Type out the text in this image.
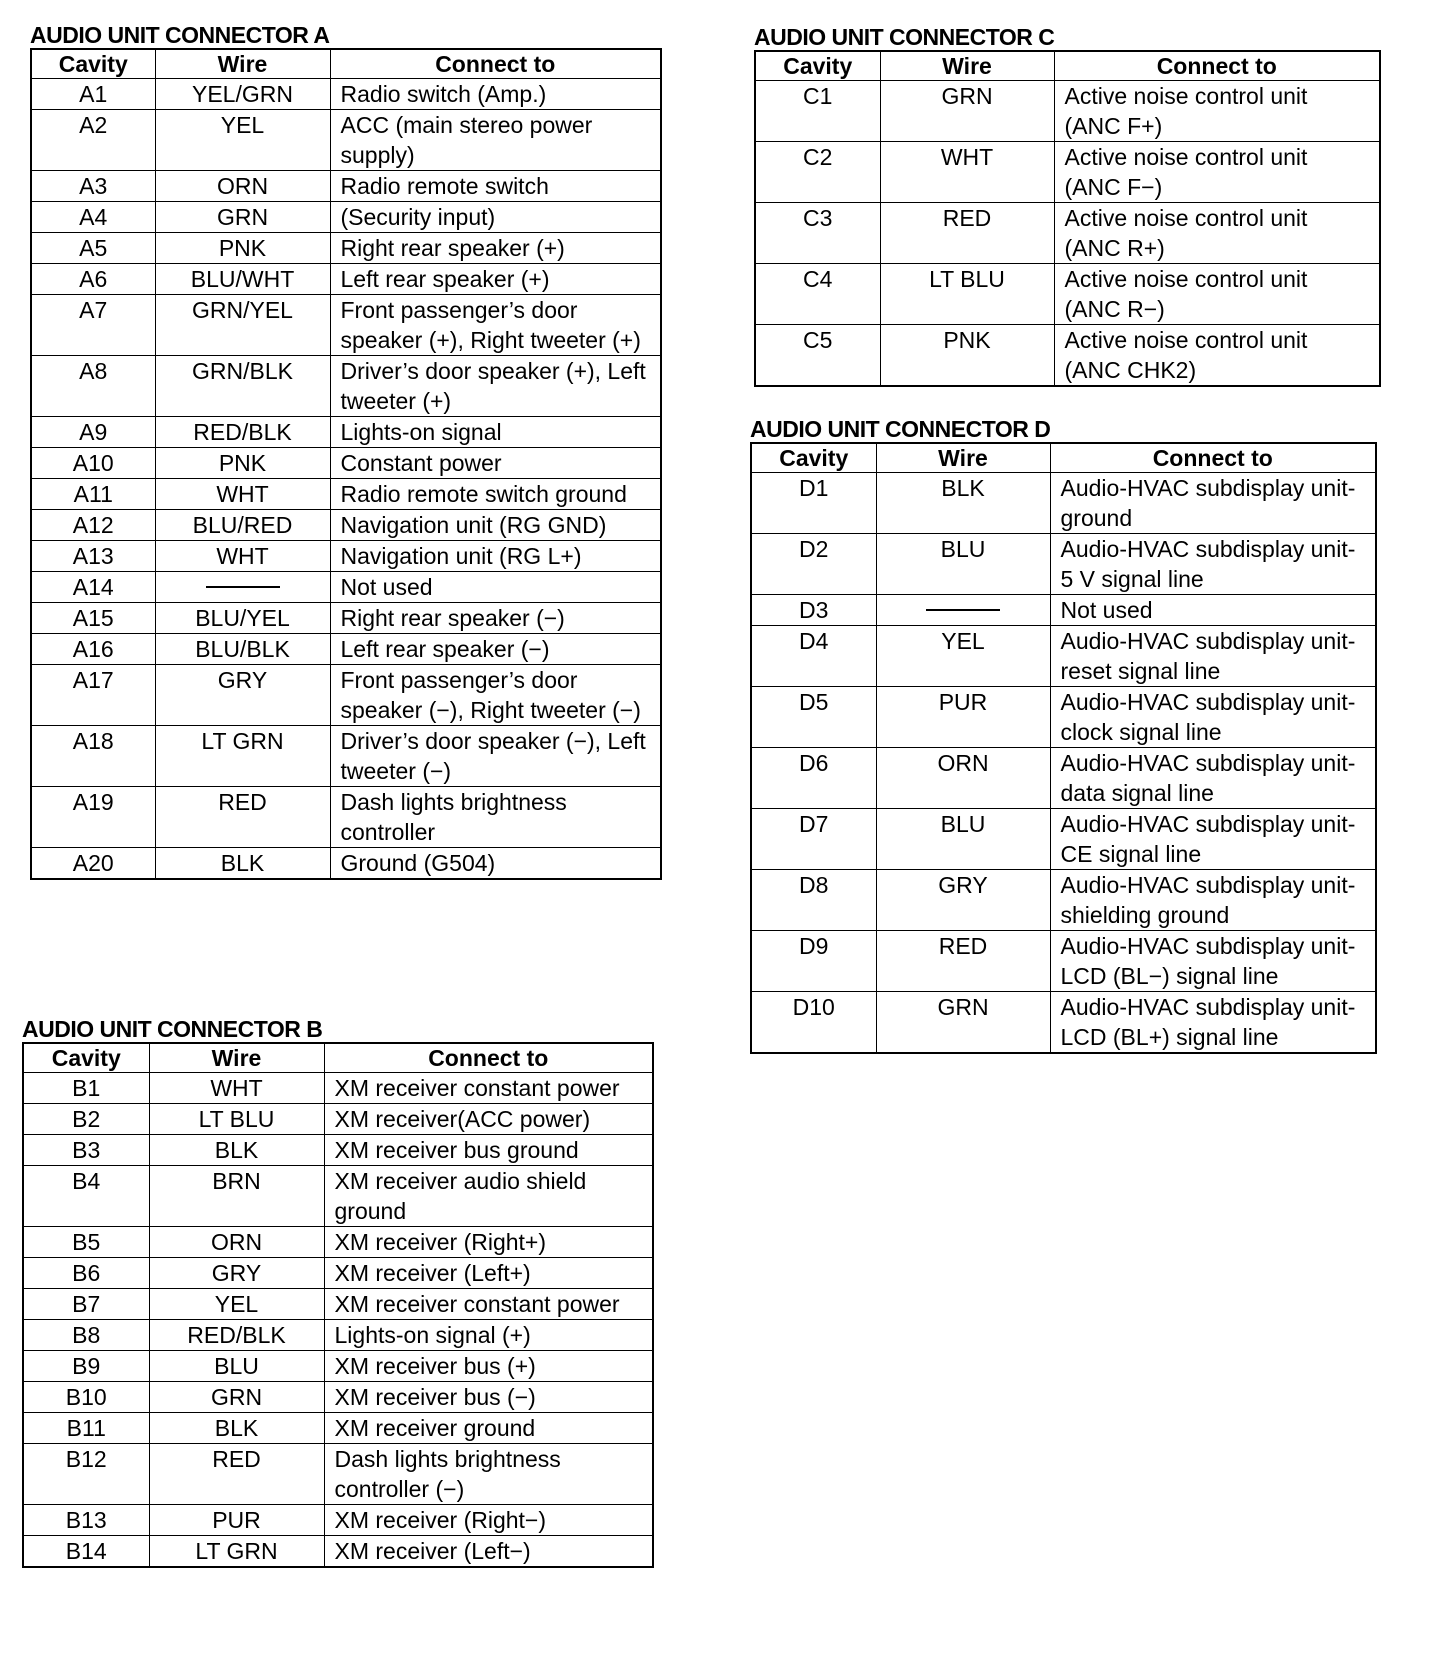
AUDIO UNIT CONNECTOR A
Cavity	Wire	Connect to
A1	YEL/GRN	Radio switch (Amp.)
A2	YEL	ACC (main stereo power supply)
A3	ORN	Radio remote switch
A4	GRN	(Security input)
A5	PNK	Right rear speaker (+)
A6	BLU/WHT	Left rear speaker (+)
A7	GRN/YEL	Front passenger’s door speaker (+), Right tweeter (+)
A8	GRN/BLK	Driver’s door speaker (+), Left tweeter (+)
A9	RED/BLK	Lights-on signal
A10	PNK	Constant power
A11	WHT	Radio remote switch ground
A12	BLU/RED	Navigation unit (RG GND)
A13	WHT	Navigation unit (RG L+)
A14		Not used
A15	BLU/YEL	Right rear speaker (−)
A16	BLU/BLK	Left rear speaker (−)
A17	GRY	Front passenger’s door speaker (−), Right tweeter (−)
A18	LT GRN	Driver’s door speaker (−), Left tweeter (−)
A19	RED	Dash lights brightness controller
A20	BLK	Ground (G504)
AUDIO UNIT CONNECTOR B
Cavity	Wire	Connect to
B1	WHT	XM receiver constant power
B2	LT BLU	XM receiver(ACC power)
B3	BLK	XM receiver bus ground
B4	BRN	XM receiver audio shield ground
B5	ORN	XM receiver (Right+)
B6	GRY	XM receiver (Left+)
B7	YEL	XM receiver constant power
B8	RED/BLK	Lights-on signal (+)
B9	BLU	XM receiver bus (+)
B10	GRN	XM receiver bus (−)
B11	BLK	XM receiver ground
B12	RED	Dash lights brightness controller (−)
B13	PUR	XM receiver (Right−)
B14	LT GRN	XM receiver (Left−)
AUDIO UNIT CONNECTOR C
Cavity	Wire	Connect to
C1	GRN	Active noise control unit (ANC F+)
C2	WHT	Active noise control unit (ANC F−)
C3	RED	Active noise control unit (ANC R+)
C4	LT BLU	Active noise control unit (ANC R−)
C5	PNK	Active noise control unit (ANC CHK2)
AUDIO UNIT CONNECTOR D
Cavity	Wire	Connect to
D1	BLK	Audio-HVAC subdisplay unit-ground
D2	BLU	Audio-HVAC subdisplay unit-5 V signal line
D3		Not used
D4	YEL	Audio-HVAC subdisplay unit-reset signal line
D5	PUR	Audio-HVAC subdisplay unit-clock signal line
D6	ORN	Audio-HVAC subdisplay unit-data signal line
D7	BLU	Audio-HVAC subdisplay unit-CE signal line
D8	GRY	Audio-HVAC subdisplay unit-shielding ground
D9	RED	Audio-HVAC subdisplay unit-LCD (BL−) signal line
D10	GRN	Audio-HVAC subdisplay unit-LCD (BL+) signal line
